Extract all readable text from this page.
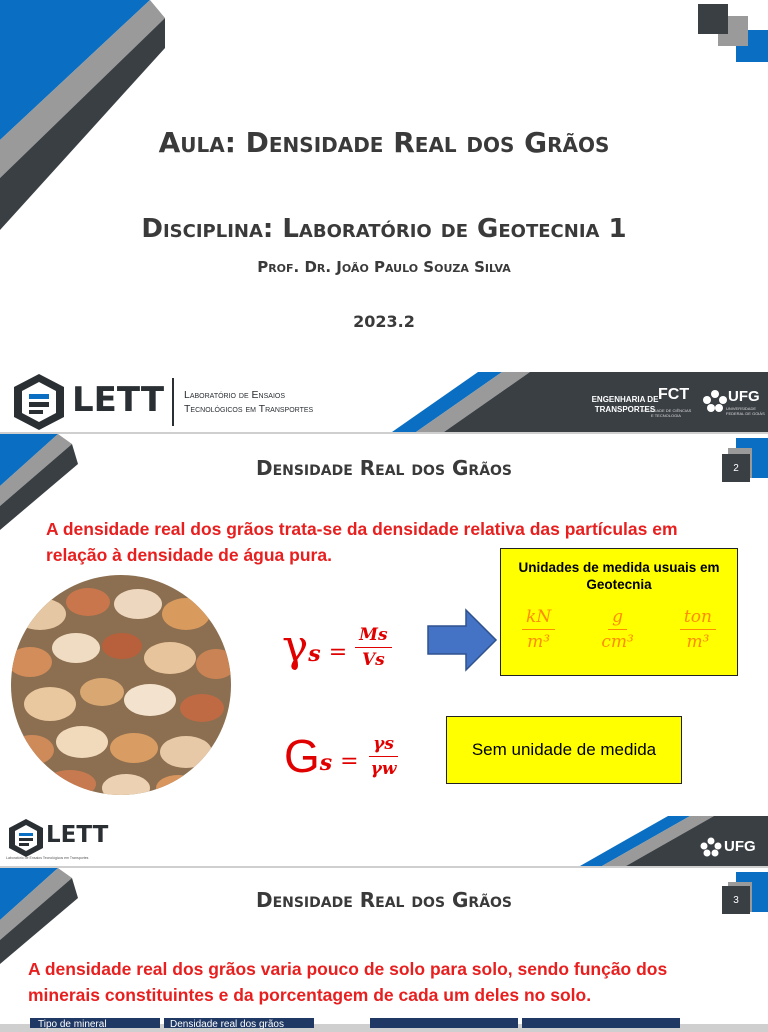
Aula: Densidade Real dos Grãos
Disciplina: Laboratório de Geotecnia 1
Prof. Dr. João Paulo Souza Silva
2023.2
LETT Laboratório de Ensaios
Tecnológicos em Transportes
ENGENHARIA DE
TRANSPORTES
FCT
FACULDADE DE CIÊNCIAS E TECNOLOGIA
UFG
UNIVERSIDADE FEDERAL DE GOIÁS
2
Densidade Real dos Grãos
A densidade real dos grãos trata-se da densidade relativa das partículas em
relação à densidade de água pura.
γ $s = \frac{Ms}{Vs}$
Unidades de medida usuais em Geotecnia
$\frac{kN}{\text{m³}} \frac{g}{\text{cm³}} \frac{\text{ton}}{\text{m³}}$
G $s = \frac{\gamma s}{\gamma w}$	Sem unidade de medida
LETT
Laboratório de Ensaios Tecnológicos em Transportes
UFG
3
Densidade Real dos Grãos
A densidade real dos grãos varia pouco de solo para solo, sendo função dos
minerais constituintes e da porcentagem de cada um deles no solo.
Tipo de mineral	Densidade real dos grãos
